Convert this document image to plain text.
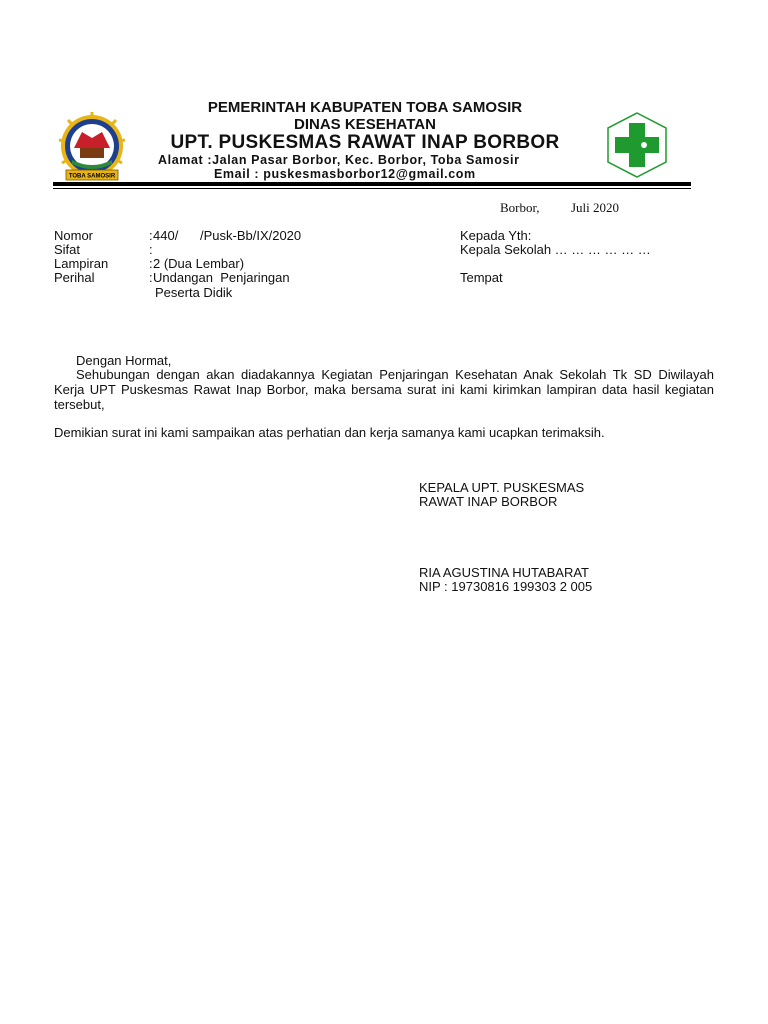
TOBA SAMOSIR
PEMERINTAH KABUPATEN TOBA SAMOSIR
DINAS KESEHATAN
UPT. PUSKESMAS RAWAT INAP BORBOR
Alamat :Jalan Pasar Borbor, Kec. Borbor, Toba Samosir
Email : puskesmasborbor12@gmail.com
Borbor, Juli 2020
Nomor	: 440/      /Pusk-Bb/IX/2020
Sifat	:
Lampiran	: 2 (Dua Lembar)
Perihal	: Undangan  Penjaringan
Peserta Didik
Kepada Yth:
Kepala Sekolah … … … … … …
Tempat
Dengan Hormat,
Sehubungan dengan akan diadakannya Kegiatan Penjaringan Kesehatan Anak Sekolah Tk SD Diwilayah Kerja UPT Puskesmas Rawat Inap Borbor, maka bersama surat ini kami kirimkan lampiran data hasil kegiatan tersebut,
Demikian surat ini kami sampaikan atas perhatian dan kerja samanya kami ucapkan terimaksih.
KEPALA UPT. PUSKESMAS
RAWAT INAP BORBOR
RIA AGUSTINA HUTABARAT
NIP : 19730816 199303 2 005
